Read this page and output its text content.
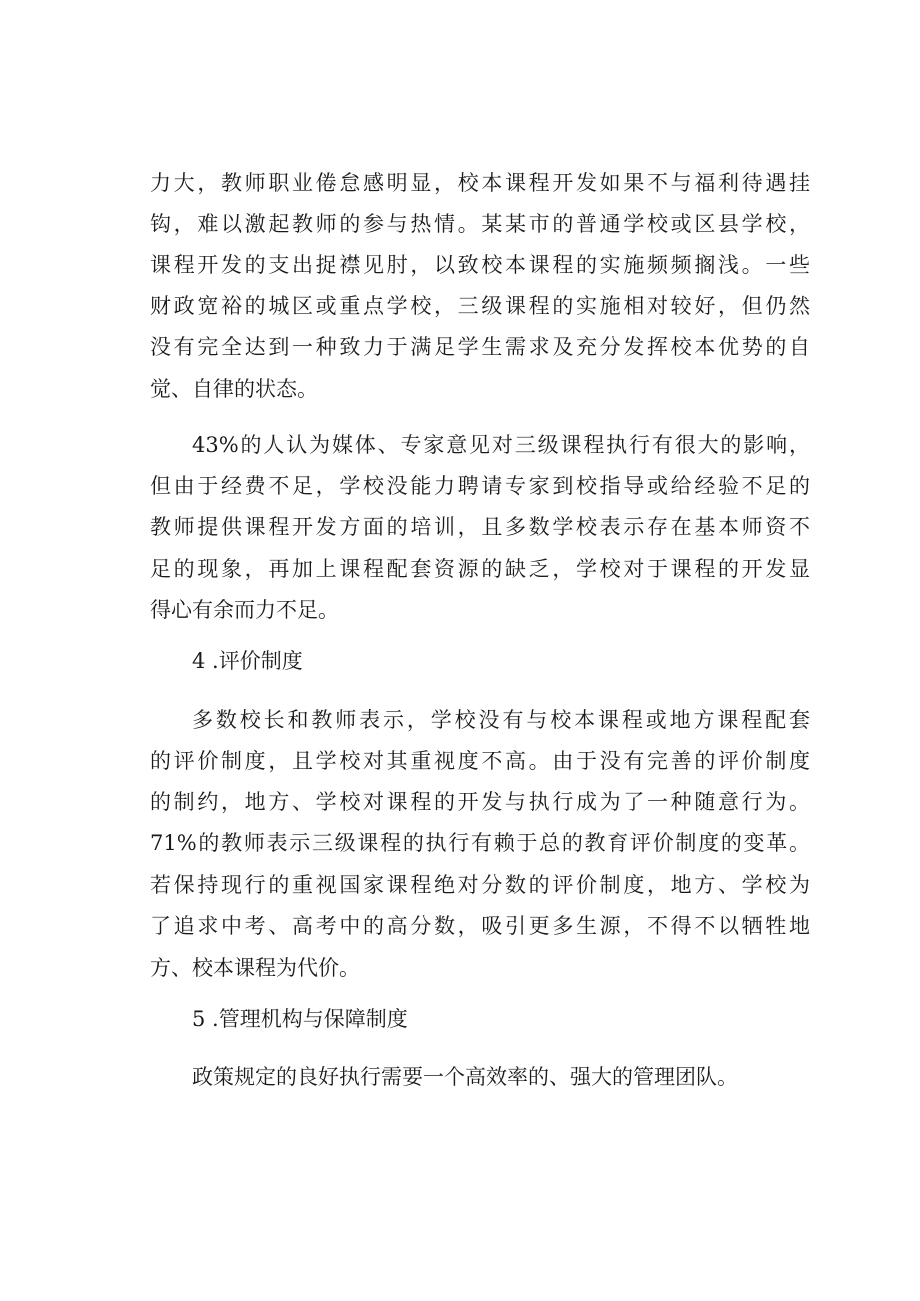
力大，教师职业倦怠感明显，校本课程开发如果不与福利待遇挂
钩，难以激起教师的参与热情。某某市的普通学校或区县学校，
课程开发的支出捉襟见肘，以致校本课程的实施频频搁浅。一些
财政宽裕的城区或重点学校，三级课程的实施相对较好，但仍然
没有完全达到一种致力于满足学生需求及充分发挥校本优势的自
觉、自律的状态。
43%的人认为媒体、专家意见对三级课程执行有很大的影响，
但由于经费不足，学校没能力聘请专家到校指导或给经验不足的
教师提供课程开发方面的培训，且多数学校表示存在基本师资不
足的现象，再加上课程配套资源的缺乏，学校对于课程的开发显
得心有余而力不足。
4 .评价制度
多数校长和教师表示，学校没有与校本课程或地方课程配套
的评价制度，且学校对其重视度不高。由于没有完善的评价制度
的制约，地方、学校对课程的开发与执行成为了一种随意行为。
71%的教师表示三级课程的执行有赖于总的教育评价制度的变革。
若保持现行的重视国家课程绝对分数的评价制度，地方、学校为
了追求中考、高考中的高分数，吸引更多生源，不得不以牺牲地
方、校本课程为代价。
5 .管理机构与保障制度
政策规定的良好执行需要一个高效率的、强大的管理团队。
